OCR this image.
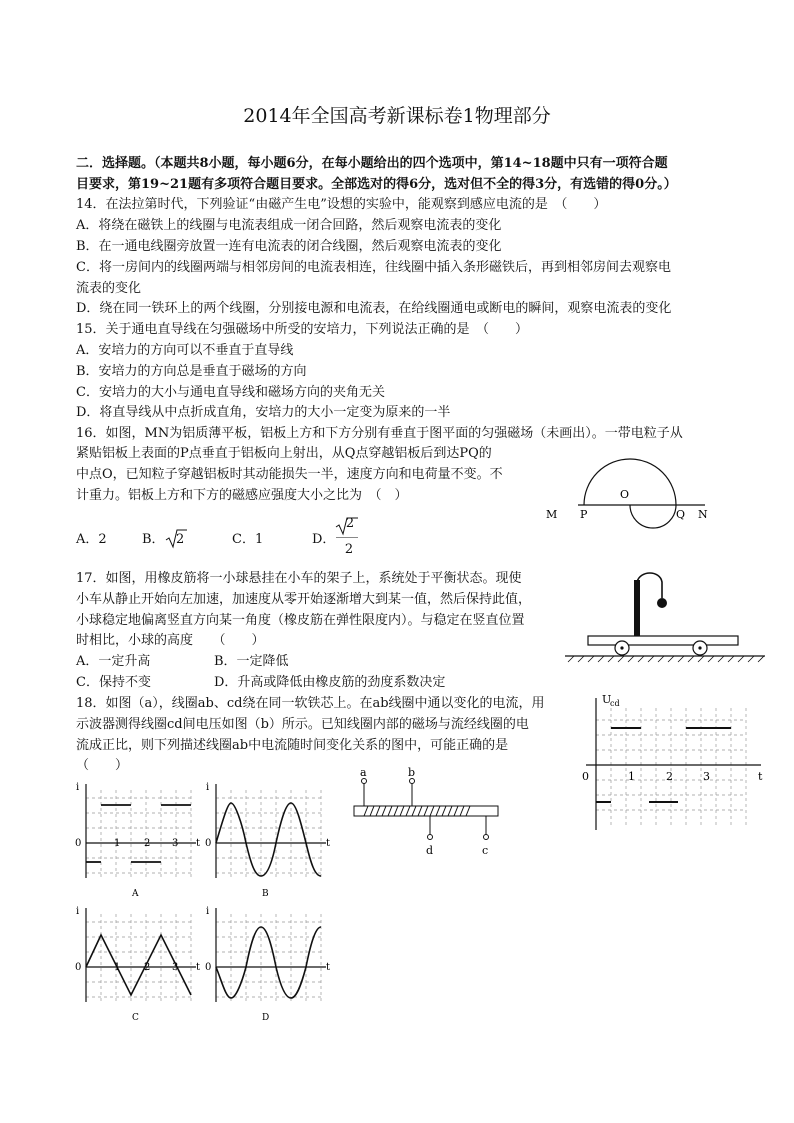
2014年全国高考新课标卷1物理部分
二．选择题。（本题共8小题，每小题6分，在每小题给出的四个选项中，第14~18题中只有一项符合题
目要求，第19~21题有多项符合题目要求。全部选对的得6分，选对但不全的得3分，有选错的得0分。）
14．在法拉第时代，下列验证“由磁产生电”设想的实验中，能观察到感应电流的是　（　　）
A．将绕在磁铁上的线圈与电流表组成一闭合回路，然后观察电流表的变化
B．在一通电线圈旁放置一连有电流表的闭合线圈，然后观察电流表的变化
C．将一房间内的线圈两端与相邻房间的电流表相连，往线圈中插入条形磁铁后，再到相邻房间去观察电
流表的变化
D．绕在同一铁环上的两个线圈，分别接电源和电流表，在给线圈通电或断电的瞬间，观察电流表的变化
15．关于通电直导线在匀强磁场中所受的安培力，下列说法正确的是　（　　）
A．安培力的方向可以不垂直于直导线
B．安培力的方向总是垂直于磁场的方向
C．安培力的大小与通电直导线和磁场方向的夹角无关
D．将直导线从中点折成直角，安培力的大小一定变为原来的一半
16．如图，MN为铝质薄平板，铝板上方和下方分别有垂直于图平面的匀强磁场（未画出）。一带电粒子从
紧贴铝板上表面的P点垂直于铝板向上射出，从Q点穿越铝板后到达PQ的
中点O，已知粒子穿越铝板时其动能损失一半，速度方向和电荷量不变。不
计重力。铝板上方和下方的磁感应强度大小之比为　（　）
A．2	B． 2	C．1	D．
2
2
M P
O
Q N
17．如图，用橡皮筋将一小球悬挂在小车的架子上，系统处于平衡状态。现使
小车从静止开始向左加速，加速度从零开始逐渐增大到某一值，然后保持此值，
小球稳定地偏离竖直方向某一角度（橡皮筋在弹性限度内）。与稳定在竖直位置
时相比，小球的高度　　（　　）
A．一定升高	B．一定降低
C．保持不变	D．升高或降低由橡皮筋的劲度系数决定
18．如图（a），线圈ab、cd绕在同一软铁芯上。在ab线圈中通以变化的电流，用
示波器测得线圈cd间电压如图（b）所示。已知线圈内部的磁场与流经线圈的电
流成正比，则下列描述线圈ab中电流随时间变化关系的图中，可能正确的是
（　　）	a	b
d	c
U
cd
0	1	2	3	t
i
0	1 2 3 t
A
i
0	t
B
i
0	1 2 3 t
C
i
0	t
D
